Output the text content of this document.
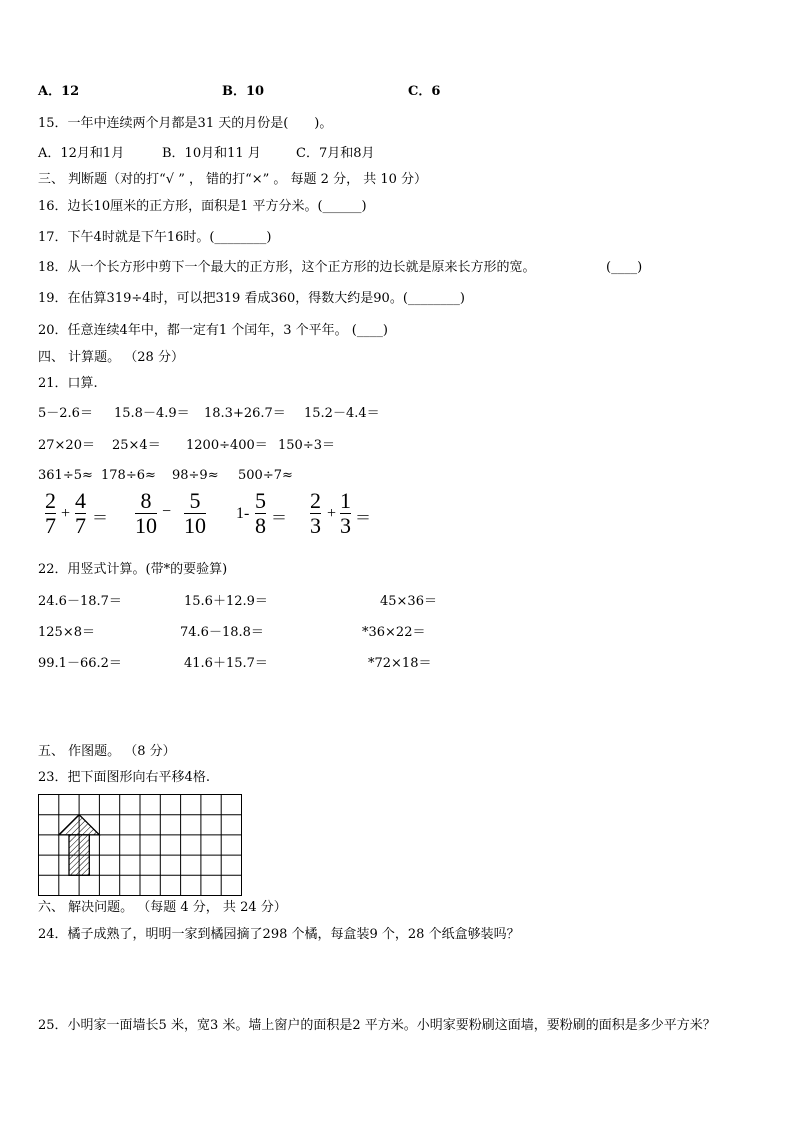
A．12	B．10	C．6
15．一年中连续两个月都是31 天的月份是(　　)。
A．12月和1月	B．10月和11 月	C．7月和8月
三、 判断题（对的打“√ ” ， 错的打“×” 。 每题 2 分， 共 10 分）
16．边长10厘米的正方形，面积是1 平方分米。(______)
17．下午4时就是下午16时。(________)
18．从一个长方形中剪下一个最大的正方形，这个正方形的边长就是原来长方形的宽。	(____)
19．在估算319÷4时，可以把319 看成360，得数大约是90。(________)
20．任意连续4年中，都一定有1 个闰年，3 个平年。 (____)
四、 计算题。 （28 分）
21．口算.
5－2.6＝ 15.8－4.9＝ 18.3+26.7＝ 15.2－4.4＝
27×20＝ 25×4＝ 1200÷400＝ 150÷3＝
361÷5≈ 178÷6≈ 98÷9≈ 500÷7≈
2
7 +
4
7 ＝
8
10
− 5
10 1-
5
8 ＝
2
3 +
1
3 ＝
22．用竖式计算。(带*的要验算)
24.6－18.7＝	15.6＋12.9＝	45×36＝
125×8＝	74.6－18.8＝	*36×22＝
99.1－66.2＝	41.6＋15.7＝	*72×18＝
五、 作图题。 （8 分）
23．把下面图形向右平移4格.
六、 解决问题。 （每题 4 分， 共 24 分）
24．橘子成熟了，明明一家到橘园摘了298 个橘，每盒装9 个，28 个纸盒够装吗？
25．小明家一面墙长5 米，宽3 米。墙上窗户的面积是2 平方米。小明家要粉刷这面墙，要粉刷的面积是多少平方米？
